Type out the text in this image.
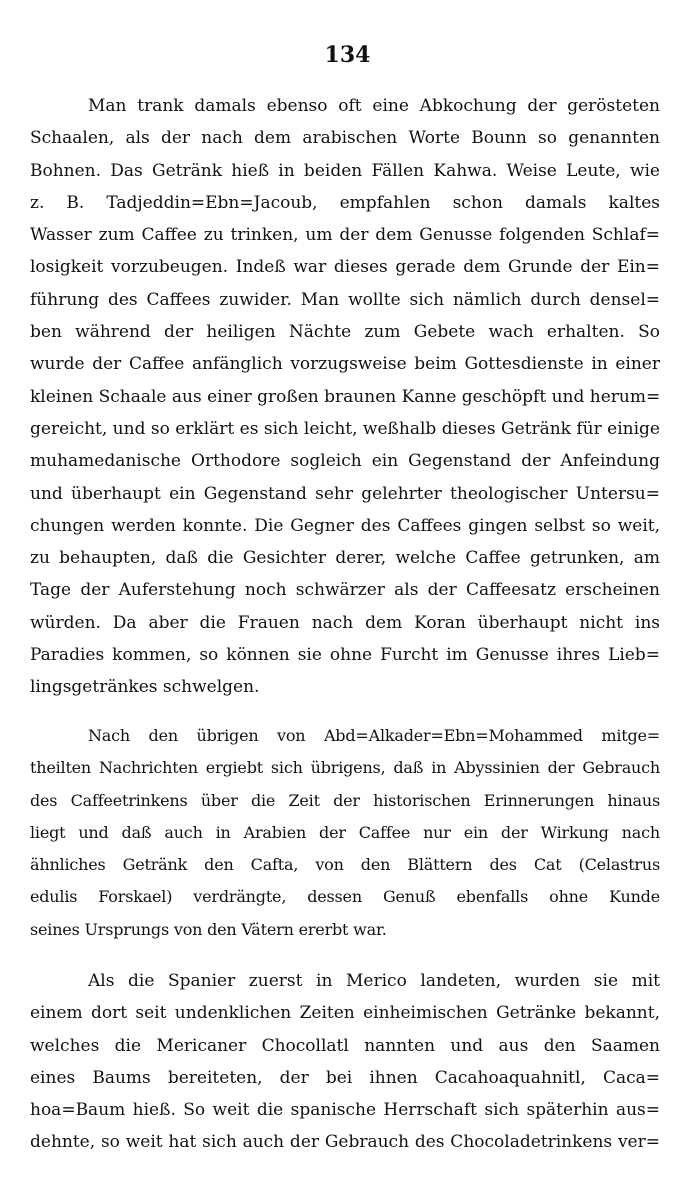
134
Man trank damals ebenso oft eine Abkochung der gerösteten
Schaalen, als der nach dem arabischen Worte Bounn so genannten
Bohnen. Das Getränk hieß in beiden Fällen Kahwa. Weise Leute, wie
z. B. Tadjeddin=Ebn=Jacoub, empfahlen schon damals kaltes
Wasser zum Caffee zu trinken, um der dem Genusse folgenden Schlaf=
losigkeit vorzubeugen. Indeß war dieses gerade dem Grunde der Ein=
führung des Caffees zuwider. Man wollte sich nämlich durch densel=
ben während der heiligen Nächte zum Gebete wach erhalten. So
wurde der Caffee anfänglich vorzugsweise beim Gottesdienste in einer
kleinen Schaale aus einer großen braunen Kanne geschöpft und herum=
gereicht, und so erklärt es sich leicht, weßhalb dieses Getränk für einige
muhamedanische Orthodore sogleich ein Gegenstand der Anfeindung
und überhaupt ein Gegenstand sehr gelehrter theologischer Untersu=
chungen werden konnte. Die Gegner des Caffees gingen selbst so weit,
zu behaupten, daß die Gesichter derer, welche Caffee getrunken, am
Tage der Auferstehung noch schwärzer als der Caffeesatz erscheinen
würden. Da aber die Frauen nach dem Koran überhaupt nicht ins
Paradies kommen, so können sie ohne Furcht im Genusse ihres Lieb=
lingsgetränkes schwelgen.
Nach den übrigen von Abd=Alkader=Ebn=Mohammed mitge=
theilten Nachrichten ergiebt sich übrigens, daß in Abyssinien der Gebrauch
des Caffeetrinkens über die Zeit der historischen Erinnerungen hinaus
liegt und daß auch in Arabien der Caffee nur ein der Wirkung nach
ähnliches Getränk den Cafta, von den Blättern des Cat (Celastrus
edulis Forskael) verdrängte, dessen Genuß ebenfalls ohne Kunde
seines Ursprungs von den Vätern ererbt war.
Als die Spanier zuerst in Merico landeten, wurden sie mit
einem dort seit undenklichen Zeiten einheimischen Getränke bekannt,
welches die Mericaner Chocollatl nannten und aus den Saamen
eines Baums bereiteten, der bei ihnen Cacahoaquahnitl, Caca=
hoa=Baum hieß. So weit die spanische Herrschaft sich späterhin aus=
dehnte, so weit hat sich auch der Gebrauch des Chocoladetrinkens ver=
